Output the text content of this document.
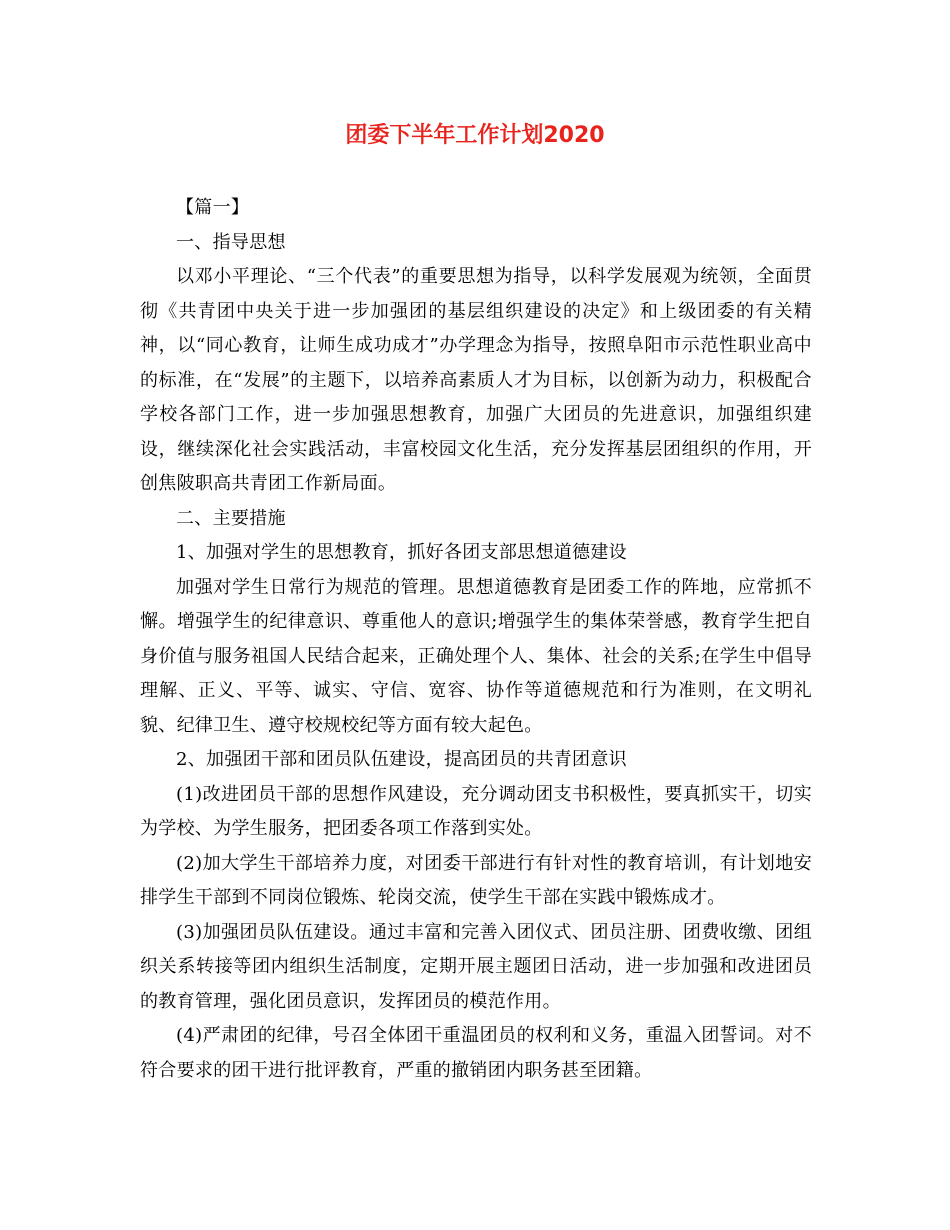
团委下半年工作计划2020

【篇一】

一、指导思想

以邓小平理论、“三个代表”的重要思想为指导，以科学发展观为统领，全面贯彻《共青团中央关于进一步加强团的基层组织建设的决定》和上级团委的有关精神，以“同心教育，让师生成功成才”办学理念为指导，按照阜阳市示范性职业高中的标准，在“发展”的主题下，以培养高素质人才为目标，以创新为动力，积极配合学校各部门工作，进一步加强思想教育，加强广大团员的先进意识，加强组织建设，继续深化社会实践活动，丰富校园文化生活，充分发挥基层团组织的作用，开创焦陂职高共青团工作新局面。

二、主要措施

1、加强对学生的思想教育，抓好各团支部思想道德建设

加强对学生日常行为规范的管理。思想道德教育是团委工作的阵地，应常抓不懈。增强学生的纪律意识、尊重他人的意识;增强学生的集体荣誉感，教育学生把自身价值与服务祖国人民结合起来，正确处理个人、集体、社会的关系;在学生中倡导理解、正义、平等、诚实、守信、宽容、协作等道德规范和行为准则，在文明礼貌、纪律卫生、遵守校规校纪等方面有较大起色。

2、加强团干部和团员队伍建设，提高团员的共青团意识

(1)改进团员干部的思想作风建设，充分调动团支书积极性，要真抓实干，切实为学校、为学生服务，把团委各项工作落到实处。

(2)加大学生干部培养力度，对团委干部进行有针对性的教育培训，有计划地安排学生干部到不同岗位锻炼、轮岗交流，使学生干部在实践中锻炼成才。

(3)加强团员队伍建设。通过丰富和完善入团仪式、团员注册、团费收缴、团组织关系转接等团内组织生活制度，定期开展主题团日活动，进一步加强和改进团员的教育管理，强化团员意识，发挥团员的模范作用。

(4)严肃团的纪律，号召全体团干重温团员的权利和义务，重温入团誓词。对不符合要求的团干进行批评教育，严重的撤销团内职务甚至团籍。
